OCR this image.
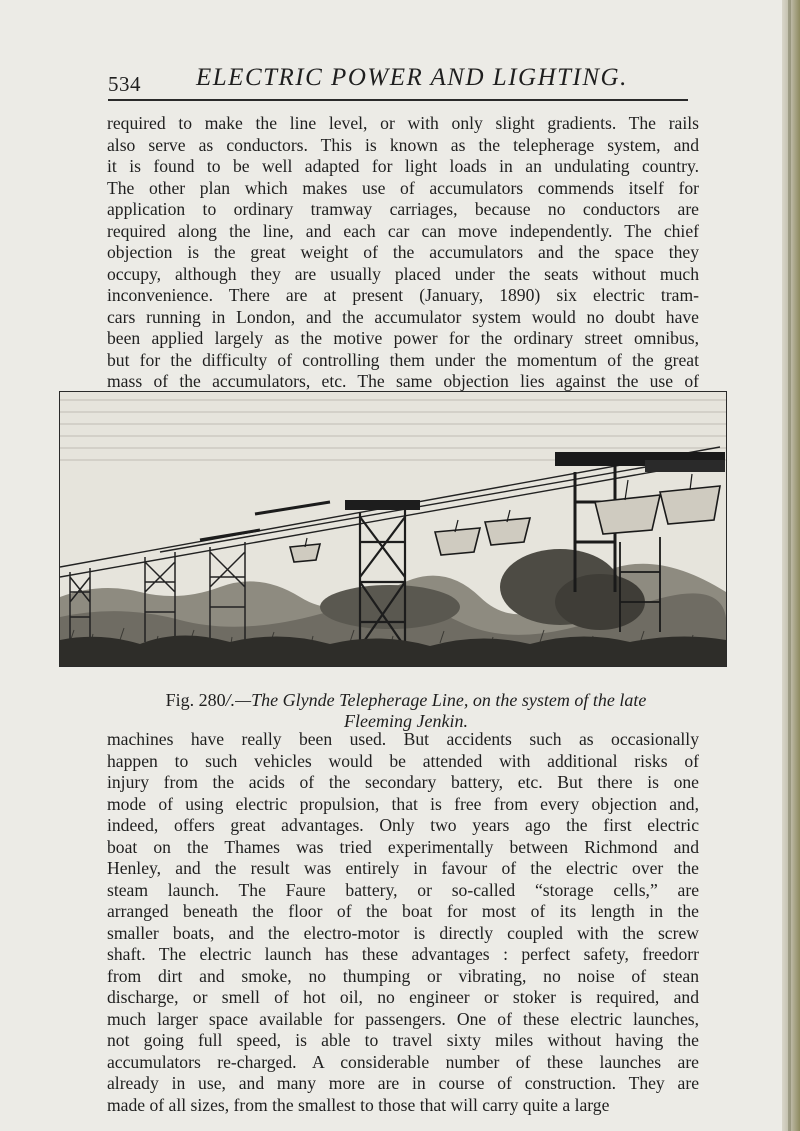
534 ELECTRIC POWER AND LIGHTING.

required to make the line level, or with only slight gradients. The rails
also serve as conductors. This is known as the telepherage system, and
it is found to be well adapted for light loads in an undulating country.
The other plan which makes use of accumulators commends itself for
application to ordinary tramway carriages, because no conductors are
required along the line, and each car can move independently. The chief
objection is the great weight of the accumulators and the space they
occupy, although they are usually placed under the seats without much
inconvenience. There are at present (January, 1890) six electric tram-
cars running in London, and the accumulator system would no doubt have
been applied largely as the motive power for the ordinary street omnibus,
but for the difficulty of controlling them under the momentum of the great
mass of the accumulators, etc. The same objection lies against the use of

Fig. 280/.—The Glynde Telepherage Line, on the system of the late
Fleeming Jenkin.

machines have really been used. But accidents such as occasionally
happen to such vehicles would be attended with additional risks of
injury from the acids of the secondary battery, etc. But there is one
mode of using electric propulsion, that is free from every objection and,
indeed, offers great advantages. Only two years ago the first electric
boat on the Thames was tried experimentally between Richmond and
Henley, and the result was entirely in favour of the electric over the
steam launch. The Faure battery, or so-called “storage cells,” are
arranged beneath the floor of the boat for most of its length in the
smaller boats, and the electro-motor is directly coupled with the screw
shaft. The electric launch has these advantages : perfect safety, freedorr
from dirt and smoke, no thumping or vibrating, no noise of stean
discharge, or smell of hot oil, no engineer or stoker is required, and
much larger space available for passengers. One of these electric launches,
not going full speed, is able to travel sixty miles without having the
accumulators re-charged. A considerable number of these launches are
already in use, and many more are in course of construction. They are
made of all sizes, from the smallest to those that will carry quite a large
